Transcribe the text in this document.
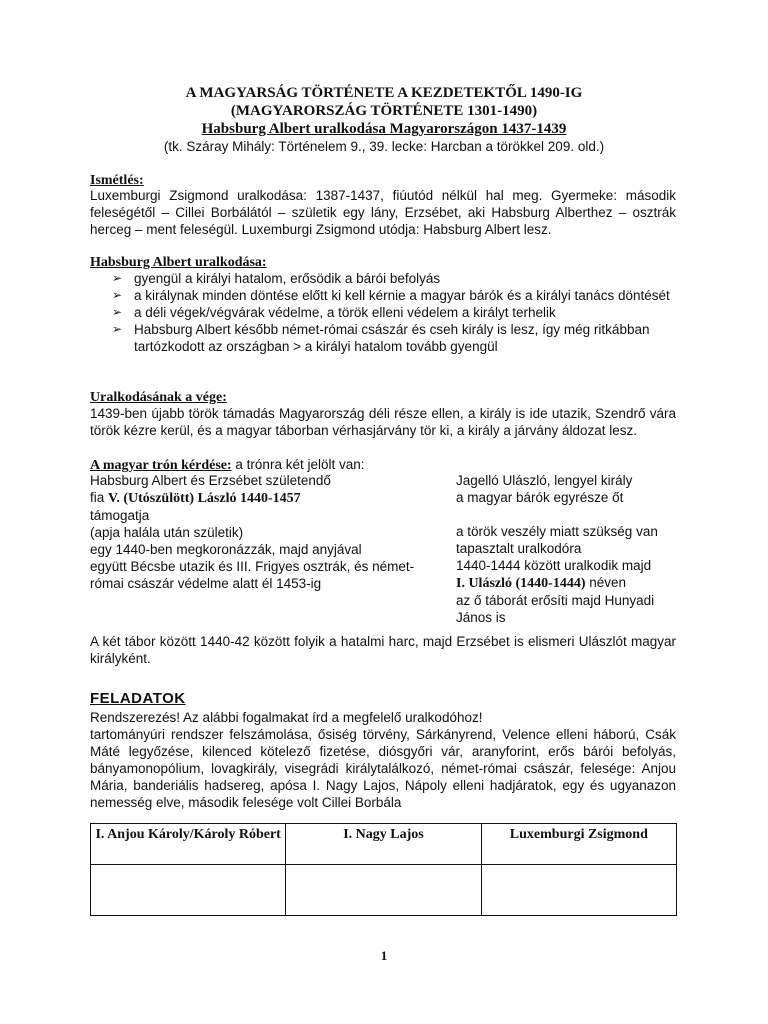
A MAGYARSÁG TÖRTÉNETE A KEZDETEKTŐL 1490-IG
(MAGYARORSZÁG TÖRTÉNETE 1301-1490)
Habsburg Albert uralkodása Magyarországon 1437-1439
(tk. Száray Mihály: Történelem 9., 39. lecke: Harcban a törökkel 209. old.)
Ismétlés:
Luxemburgi Zsigmond uralkodása: 1387-1437, fiúutód nélkül hal meg. Gyermeke: második feleségétől – Cillei Borbálától – születik egy lány, Erzsébet, aki Habsburg Alberthez – osztrák herceg – ment feleségül. Luxemburgi Zsigmond utódja: Habsburg Albert lesz.
Habsburg Albert uralkodása:
➢ gyengül a királyi hatalom, erősödik a bárói befolyás
➢ a királynak minden döntése előtt ki kell kérnie a magyar bárók és a királyi tanács döntését
➢ a déli végek/végvárak védelme, a török elleni védelem a királyt terhelik
➢ Habsburg Albert később német-római császár és cseh király is lesz, így még ritkábban tartózkodott az országban > a királyi hatalom tovább gyengül
Uralkodásának a vége:
1439-ben újabb török támadás Magyarország déli része ellen, a király is ide utazik, Szendrő vára török kézre kerül, és a magyar táborban vérhasjárvány tör ki, a király a járvány áldozat lesz.
A magyar trón kérdése: a trónra két jelölt van:
Habsburg Albert és Erzsébet születendő
fia V. (Utószülött) László 1440-1457
támogatja
(apja halála után születik)
egy 1440-ben megkoronázzák, majd anyjával
együtt Bécsbe utazik és III. Frigyes osztrák, és német-
római császár védelme alatt él 1453-ig
Jagelló Ulászló, lengyel király
a magyar bárók egyrésze őt
a török veszély miatt szükség van
tapasztalt uralkodóra
1440-1444 között uralkodik majd
I. Ulászló (1440-1444) néven
az ő táborát erősíti majd Hunyadi
János is
A két tábor között 1440-42 között folyik a hatalmi harc, majd Erzsébet is elismeri Ulászlót magyar királyként.
FELADATOK
Rendszerezés! Az alábbi fogalmakat írd a megfelelő uralkodóhoz!
tartományúri rendszer felszámolása, ősiség törvény, Sárkányrend, Velence elleni háború, Csák Máté legyőzése, kilenced kötelező fizetése, diósgyőri vár, aranyforint, erős bárói befolyás, bányamonopólium, lovagkirály, visegrádi királytalálkozó, német-római császár, felesége: Anjou Mária, banderiális hadsereg, apósa I. Nagy Lajos, Nápoly elleni hadjáratok, egy és ugyanazon nemesség elve, második felesége volt Cillei Borbála
I. Anjou Károly/Károly Róbert	I. Nagy Lajos	Luxemburgi Zsigmond

1
